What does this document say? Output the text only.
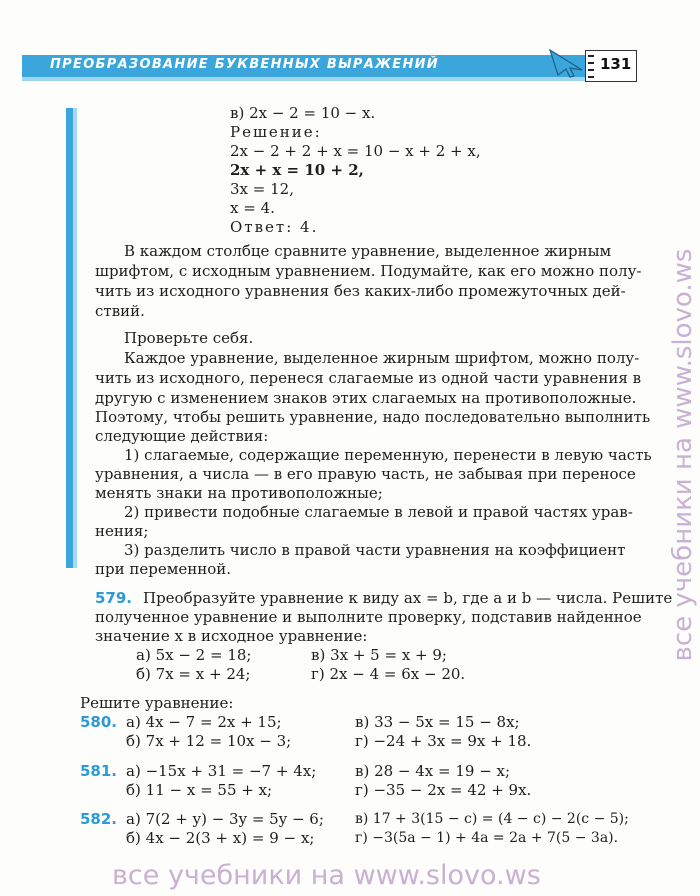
ПРЕОБРАЗОВАНИЕ БУКВЕННЫХ ВЫРАЖЕНИЙ	131
в) 2x − 2 = 10 − x.
Решение:
2x − 2 + 2 + x = 10 − x + 2 + x,
2x + x = 10 + 2,
3x = 12,
x = 4.
Ответ: 4.
В каждом столбце сравните уравнение, выделенное жирным
шрифтом, с исходным уравнением. Подумайте, как его можно полу-
чить из исходного уравнения без каких-либо промежуточных дей-
ствий.
Проверьте себя.
Каждое уравнение, выделенное жирным шрифтом, можно полу-
чить из исходного, перенеся слагаемые из одной части уравнения в
другую с изменением знаков этих слагаемых на противоположные.
Поэтому, чтобы решить уравнение, надо последовательно выполнить
следующие действия:
1) слагаемые, содержащие переменную, перенести в левую часть
уравнения, а числа — в его правую часть, не забывая при переносе
менять знаки на противоположные;
2) привести подобные слагаемые в левой и правой частях урав-
нения;
3) разделить число в правой части уравнения на коэффициент
при переменной.
579. Преобразуйте уравнение к виду ax = b, где a и b — числа. Решите
полученное уравнение и выполните проверку, подставив найденное
значение x в исходное уравнение:
а) 5x − 2 = 18;
б) 7x = x + 24;
в) 3x + 5 = x + 9;
г) 2x − 4 = 6x − 20.
Решите уравнение:
580. а) 4x − 7 = 2x + 15;
б) 7x + 12 = 10x − 3;
в) 33 − 5x = 15 − 8x;
г) −24 + 3x = 9x + 18.
581. а) −15x + 31 = −7 + 4x;
б) 11 − x = 55 + x;
в) 28 − 4x = 19 − x;
г) −35 − 2x = 42 + 9x.
582. а) 7(2 + y) − 3y = 5y − 6;
б) 4x − 2(3 + x) = 9 − x;
в) 17 + 3(15 − c) = (4 − c) − 2(c − 5);
г) −3(5a − 1) + 4a = 2a + 7(5 − 3a).
все учебники на www.slovo.ws
все учебники на www.slovo.ws
